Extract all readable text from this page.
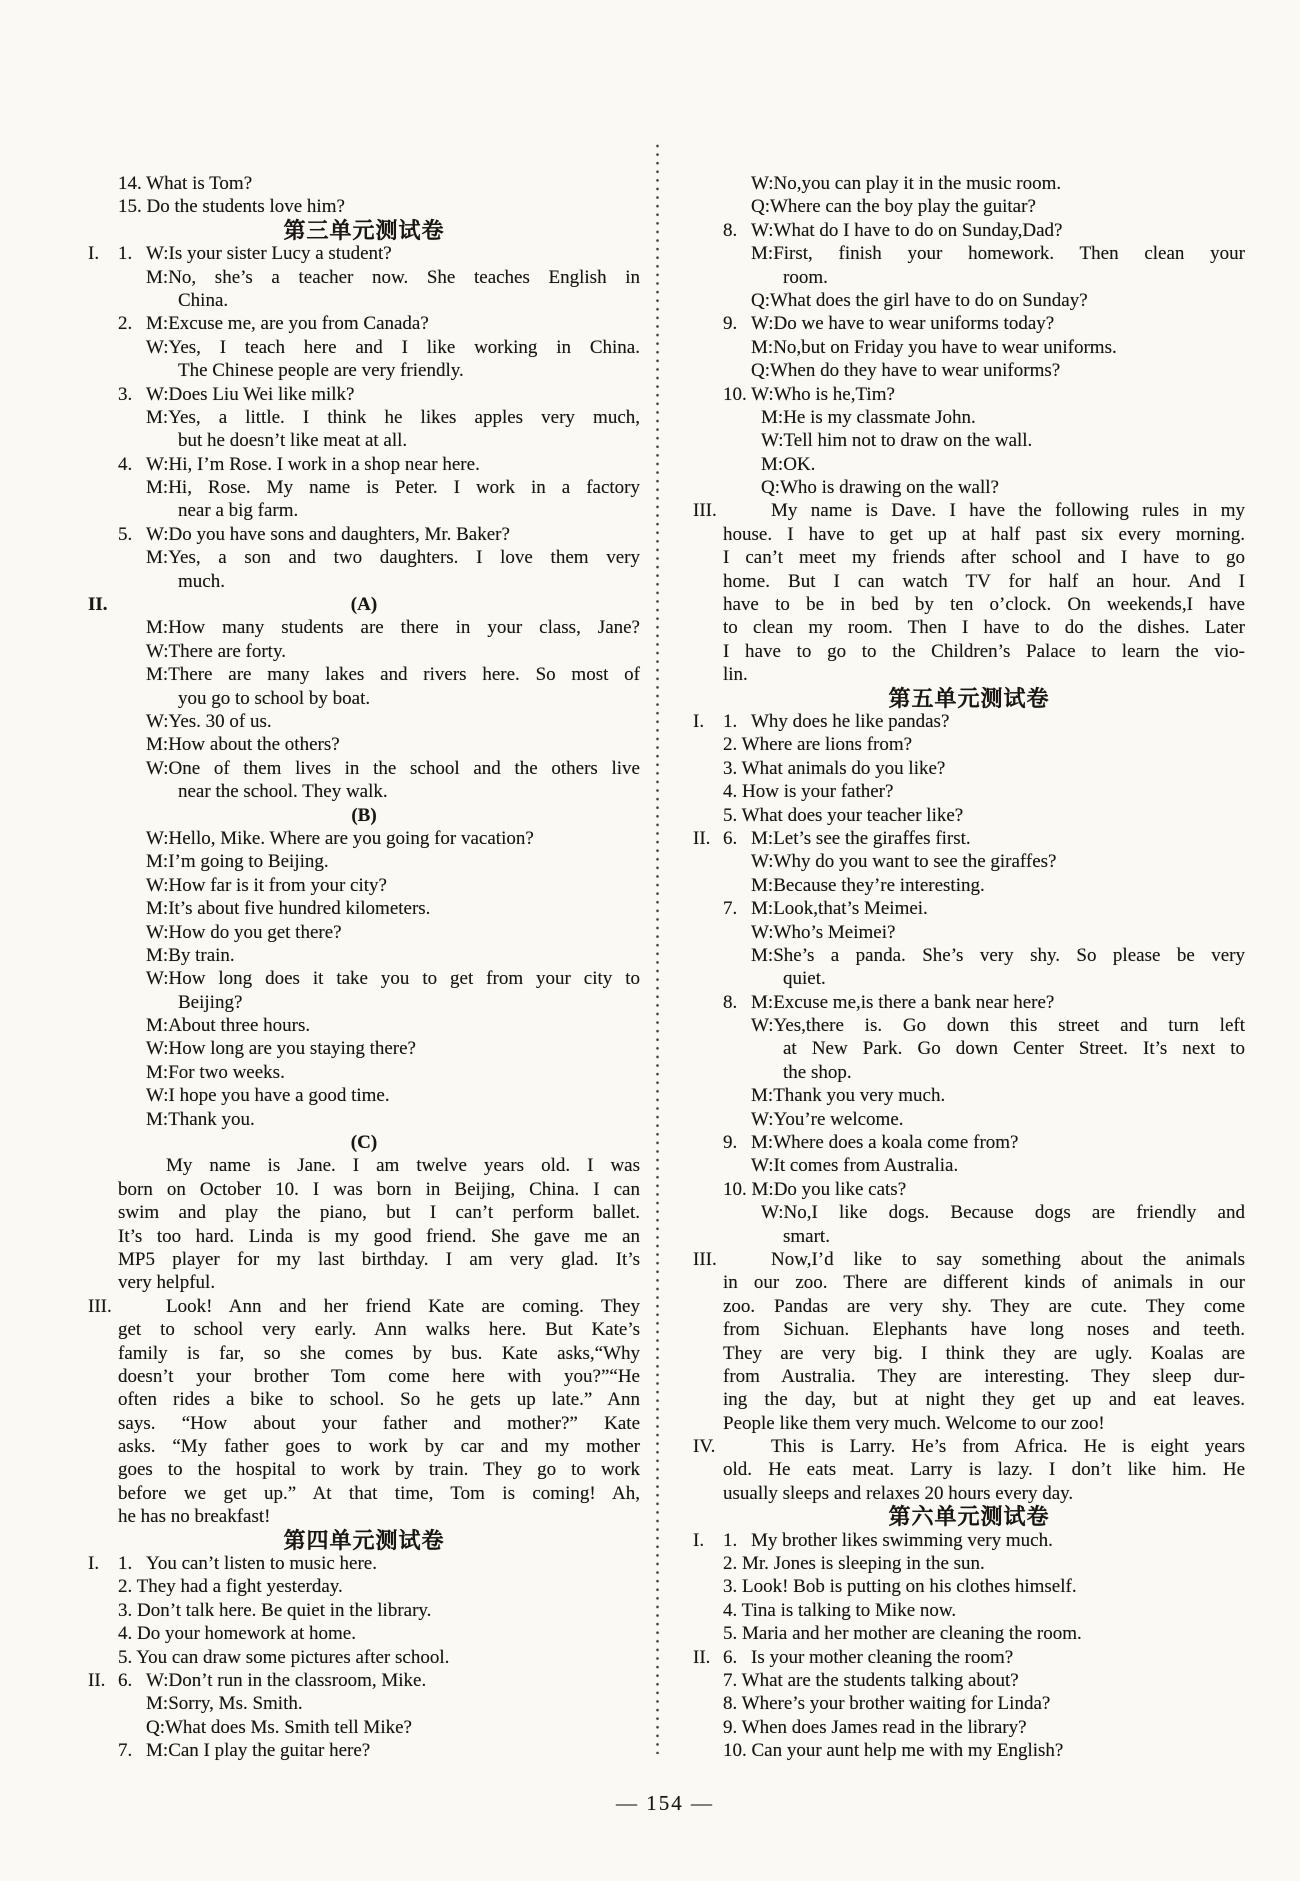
14. What is Tom?
15. Do the students love him?
第三单元测试卷
I. 1. W:Is your sister Lucy a student?
M:No, she’s a teacher now. She teaches English in
China.
2. M:Excuse me, are you from Canada?
W:Yes, I teach here and I like working in China.
The Chinese people are very friendly.
3. W:Does Liu Wei like milk?
M:Yes, a little. I think he likes apples very much,
but he doesn’t like meat at all.
4. W:Hi, I’m Rose. I work in a shop near here.
M:Hi, Rose. My name is Peter. I work in a factory
near a big farm.
5. W:Do you have sons and daughters, Mr. Baker?
M:Yes, a son and two daughters. I love them very
much.
II.	(A)
M:How many students are there in your class, Jane?
W:There are forty.
M:There are many lakes and rivers here. So most of
you go to school by boat.
W:Yes. 30 of us.
M:How about the others?
W:One of them lives in the school and the others live
near the school. They walk.
(B)
W:Hello, Mike. Where are you going for vacation?
M:I’m going to Beijing.
W:How far is it from your city?
M:It’s about five hundred kilometers.
W:How do you get there?
M:By train.
W:How long does it take you to get from your city to
Beijing?
M:About three hours.
W:How long are you staying there?
M:For two weeks.
W:I hope you have a good time.
M:Thank you.
(C)
My name is Jane. I am twelve years old. I was
born on October 10. I was born in Beijing, China. I can
swim and play the piano, but I can’t perform ballet.
It’s too hard. Linda is my good friend. She gave me an
MP5 player for my last birthday. I am very glad. It’s
very helpful.
III.	Look! Ann and her friend Kate are coming. They
get to school very early. Ann walks here. But Kate’s
family is far, so she comes by bus. Kate asks,“Why
doesn’t your brother Tom come here with you?”“He
often rides a bike to school. So he gets up late.” Ann
says. “How about your father and mother?” Kate
asks. “My father goes to work by car and my mother
goes to the hospital to work by train. They go to work
before we get up.” At that time, Tom is coming! Ah,
he has no breakfast!
第四单元测试卷
I. 1. You can’t listen to music here.
2. They had a fight yesterday.
3. Don’t talk here. Be quiet in the library.
4. Do your homework at home.
5. You can draw some pictures after school.
II. 6. W:Don’t run in the classroom, Mike.
M:Sorry, Ms. Smith.
Q:What does Ms. Smith tell Mike?
7. M:Can I play the guitar here?
W:No,you can play it in the music room.
Q:Where can the boy play the guitar?
8. W:What do I have to do on Sunday,Dad?
M:First, finish your homework. Then clean your
room.
Q:What does the girl have to do on Sunday?
9. W:Do we have to wear uniforms today?
M:No,but on Friday you have to wear uniforms.
Q:When do they have to wear uniforms?
10. W:Who is he,Tim?
M:He is my classmate John.
W:Tell him not to draw on the wall.
M:OK.
Q:Who is drawing on the wall?
III.	My name is Dave. I have the following rules in my
house. I have to get up at half past six every morning.
I can’t meet my friends after school and I have to go
home. But I can watch TV for half an hour. And I
have to be in bed by ten o’clock. On weekends,I have
to clean my room. Then I have to do the dishes. Later
I have to go to the Children’s Palace to learn the vio-
lin.
第五单元测试卷
I. 1. Why does he like pandas?
2. Where are lions from?
3. What animals do you like?
4. How is your father?
5. What does your teacher like?
II. 6. M:Let’s see the giraffes first.
W:Why do you want to see the giraffes?
M:Because they’re interesting.
7. M:Look,that’s Meimei.
W:Who’s Meimei?
M:She’s a panda. She’s very shy. So please be very
quiet.
8. M:Excuse me,is there a bank near here?
W:Yes,there is. Go down this street and turn left
at New Park. Go down Center Street. It’s next to
the shop.
M:Thank you very much.
W:You’re welcome.
9. M:Where does a koala come from?
W:It comes from Australia.
10. M:Do you like cats?
W:No,I like dogs. Because dogs are friendly and
smart.
III.	Now,I’d like to say something about the animals
in our zoo. There are different kinds of animals in our
zoo. Pandas are very shy. They are cute. They come
from Sichuan. Elephants have long noses and teeth.
They are very big. I think they are ugly. Koalas are
from Australia. They are interesting. They sleep dur-
ing the day, but at night they get up and eat leaves.
People like them very much. Welcome to our zoo!
IV.	This is Larry. He’s from Africa. He is eight years
old. He eats meat. Larry is lazy. I don’t like him. He
usually sleeps and relaxes 20 hours every day.
第六单元测试卷
I. 1. My brother likes swimming very much.
2. Mr. Jones is sleeping in the sun.
3. Look! Bob is putting on his clothes himself.
4. Tina is talking to Mike now.
5. Maria and her mother are cleaning the room.
II. 6. Is your mother cleaning the room?
7. What are the students talking about?
8. Where’s your brother waiting for Linda?
9. When does James read in the library?
10. Can your aunt help me with my English?
— 154 —
